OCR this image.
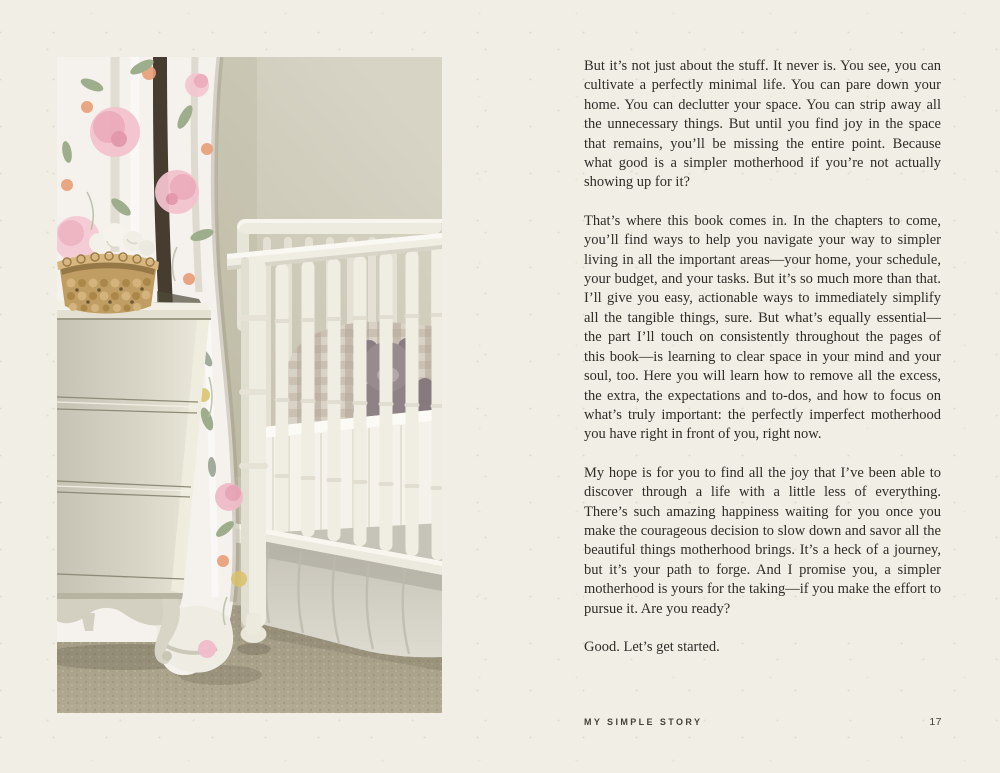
But it’s not just about the stuff. It never is. You see, you can cultivate a perfectly minimal life. You can pare down your home. You can declutter your space. You can strip away all the unnecessary things. But until you find joy in the space that remains, you’ll be missing the entire point. Because what good is a simpler motherhood if you’re not actually showing up for it?

That’s where this book comes in. In the chapters to come, you’ll find ways to help you navigate your way to simpler living in all the important areas—your home, your schedule, your budget, and your tasks. But it’s so much more than that. I’ll give you easy, actionable ways to immediately simplify all the tangible things, sure. But what’s equally essential—the part I’ll touch on consistently throughout the pages of this book—is learning to clear space in your mind and your soul, too. Here you will learn how to remove all the excess, the extra, the expectations and to-dos, and how to focus on what’s truly important: the perfectly imperfect motherhood you have right in front of you, right now.

My hope is for you to find all the joy that I’ve been able to discover through a life with a little less of everything. There’s such amazing happiness waiting for you once you make the courageous decision to slow down and savor all the beautiful things motherhood brings. It’s a heck of a journey, but it’s your path to forge. And I promise you, a simpler motherhood is yours for the taking—if you make the effort to pursue it. Are you ready?

Good. Let’s get started.

MY SIMPLE STORY	17
